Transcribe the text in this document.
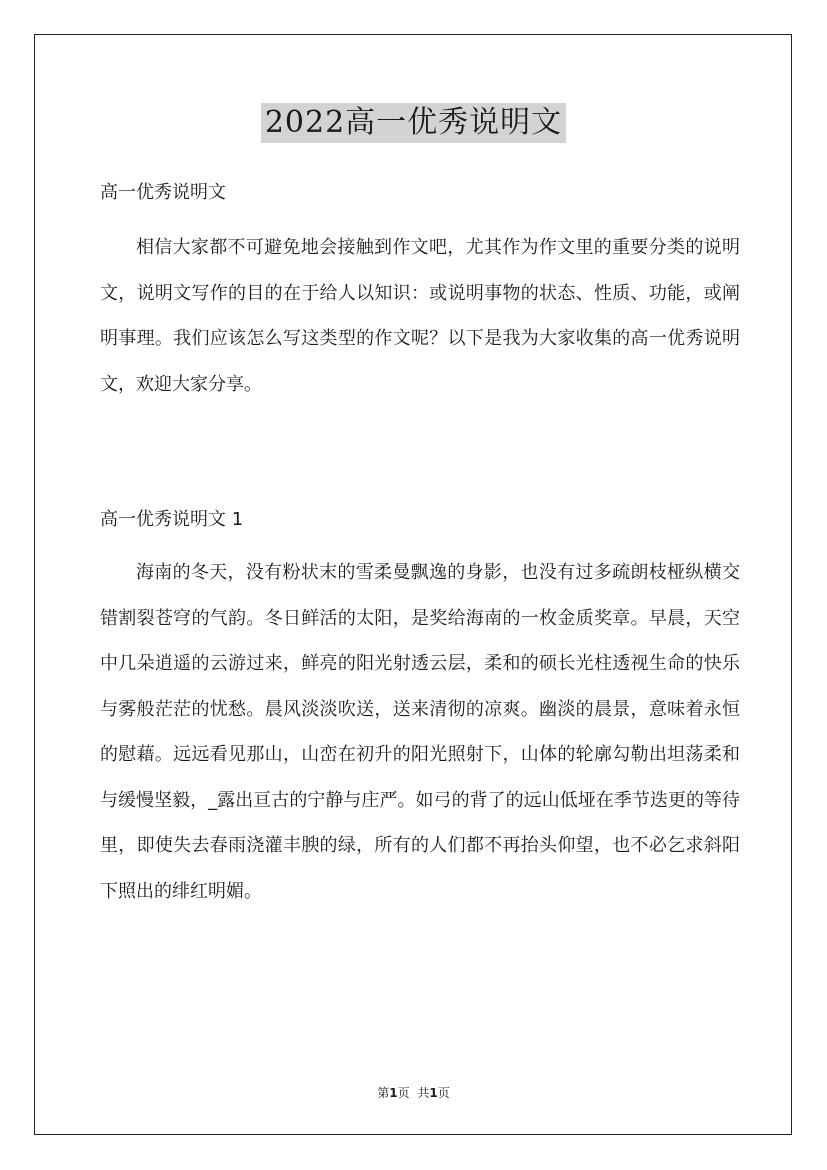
2022高一优秀说明文
高一优秀说明文
相信大家都不可避免地会接触到作文吧，尤其作为作文里的重要分类的说明文，说明文写作的目的在于给人以知识：或说明事物的状态、性质、功能，或阐明事理。我们应该怎么写这类型的作文呢？以下是我为大家收集的高一优秀说明文，欢迎大家分享。
高一优秀说明文 1
海南的冬天，没有粉状末的雪柔曼飘逸的身影，也没有过多疏朗枝桠纵横交错割裂苍穹的气韵。冬日鲜活的太阳，是奖给海南的一枚金质奖章。早晨，天空中几朵逍遥的云游过来，鲜亮的阳光射透云层，柔和的硕长光柱透视生命的快乐与雾般茫茫的忧愁。晨风淡淡吹送，送来清彻的凉爽。幽淡的晨景，意味着永恒的慰藉。远远看见那山，山峦在初升的阳光照射下，山体的轮廓勾勒出坦荡柔和与缓慢坚毅，_露出亘古的宁静与庄严。如弓的背了的远山低垭在季节迭更的等待里，即使失去春雨浇灌丰腴的绿，所有的人们都不再抬头仰望，也不必乞求斜阳下照出的绯红明媚。
第1页 共1页
